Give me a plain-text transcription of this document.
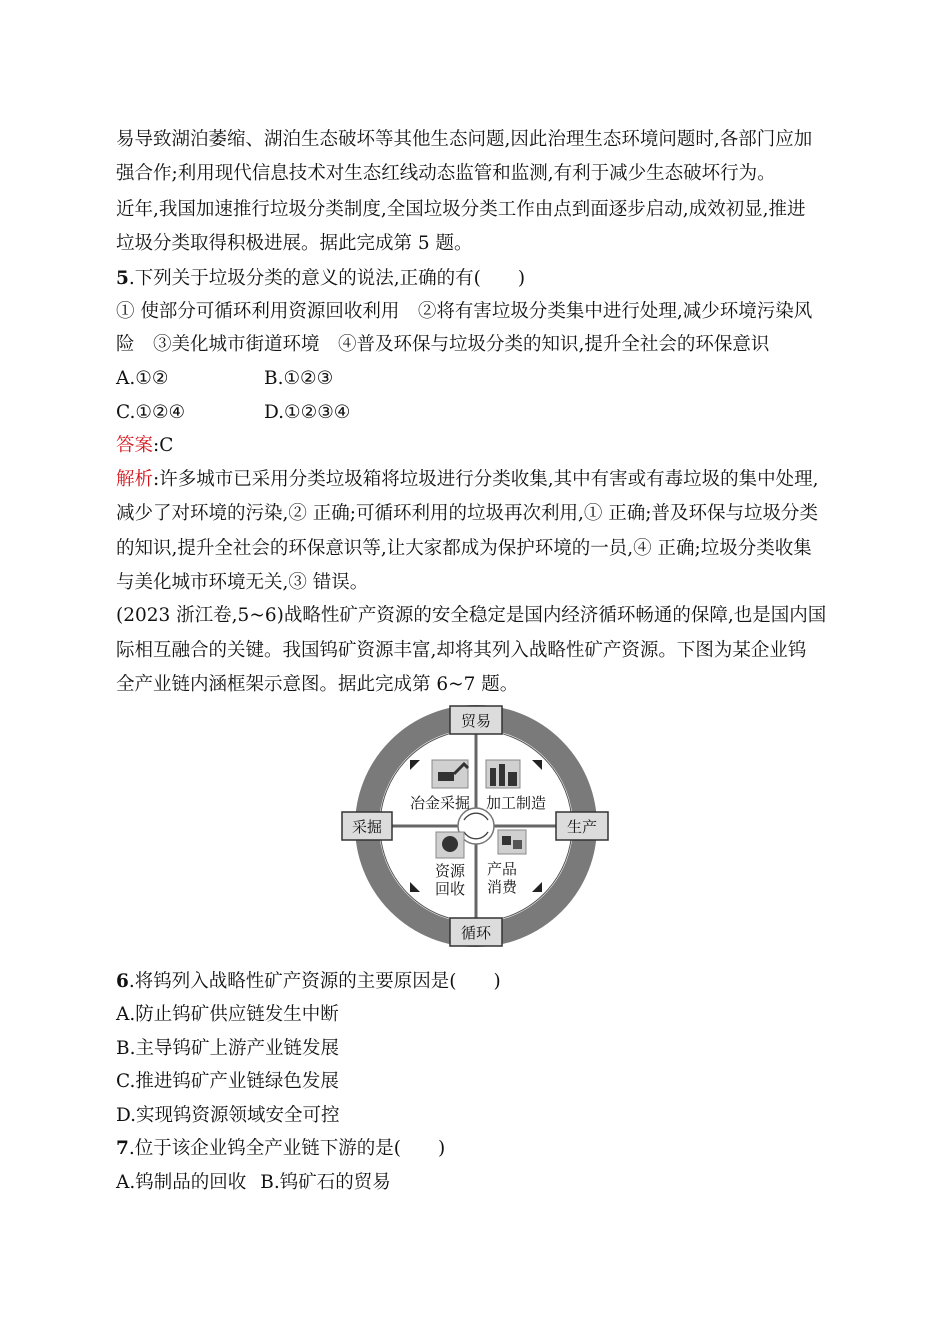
易导致湖泊萎缩、湖泊生态破坏等其他生态问题,因此治理生态环境问题时,各部门应加
强合作;利用现代信息技术对生态红线动态监管和监测,有利于减少生态破坏行为。
近年,我国加速推行垃圾分类制度,全国垃圾分类工作由点到面逐步启动,成效初显,推进
垃圾分类取得积极进展。据此完成第 5 题。
5.下列关于垃圾分类的意义的说法,正确的有(　　)
① 使部分可循环利用资源回收利用　②将有害垃圾分类集中进行处理,减少环境污染风
险　③美化城市街道环境　④普及环保与垃圾分类的知识,提升全社会的环保意识
A.①②	B.①②③
C.①②④	D.①②③④
答案:C
解析:许多城市已采用分类垃圾箱将垃圾进行分类收集,其中有害或有毒垃圾的集中处理,
减少了对环境的污染,② 正确;可循环利用的垃圾再次利用,① 正确;普及环保与垃圾分类
的知识,提升全社会的环保意识等,让大家都成为保护环境的一员,④ 正确;垃圾分类收集
与美化城市环境无关,③ 错误。
(2023 浙江卷,5~6)战略性矿产资源的安全稳定是国内经济循环畅通的保障,也是国内国
际相互融合的关键。我国钨矿资源丰富,却将其列入战略性矿产资源。下图为某企业钨
全产业链内涵框架示意图。据此完成第 6~7 题。
冶金采掘 加工制造
资源
回收
产品
消费
贸易
采掘	生产
循环
6.将钨列入战略性矿产资源的主要原因是(　　)
A.防止钨矿供应链发生中断
B.主导钨矿上游产业链发展
C.推进钨矿产业链绿色发展
D.实现钨资源领域安全可控
7.位于该企业钨全产业链下游的是(　　)
A.钨制品的回收 B.钨矿石的贸易
